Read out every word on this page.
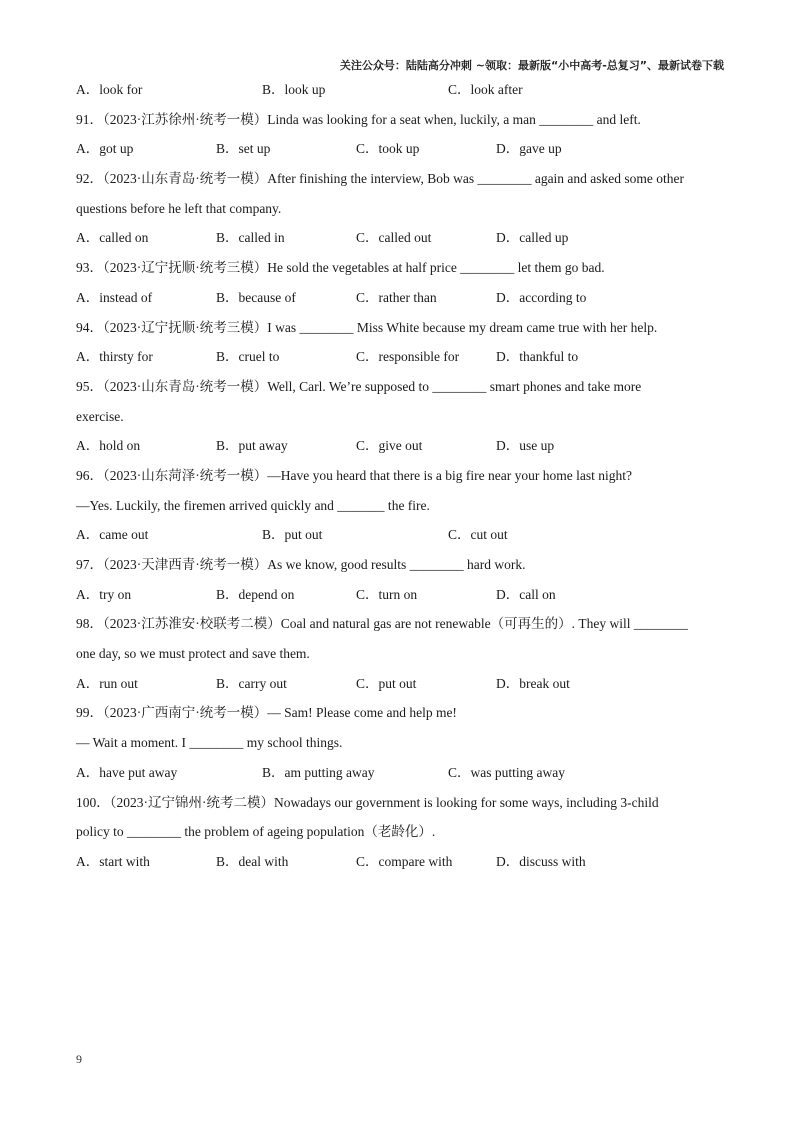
关注公众号：陆陆高分冲刺 ~领取：最新版“小中高考-总复习”、最新试卷下载
A．look for	B．look up	C．look after
91．（2023·江苏徐州·统考一模）Linda was looking for a seat when, luckily, a man ________ and left.
A．got up	B．set up	C．took up	D．gave up
92．（2023·山东青岛·统考一模）After finishing the interview, Bob was ________ again and asked some other
questions before he left that company.
A．called on	B．called in	C．called out	D．called up
93．（2023·辽宁抚顺·统考三模）He sold the vegetables at half price ________ let them go bad.
A．instead of	B．because of	C．rather than	D．according to
94．（2023·辽宁抚顺·统考三模）I was ________ Miss White because my dream came true with her help.
A．thirsty for	B．cruel to	C．responsible for	D．thankful to
95．（2023·山东青岛·统考一模）Well, Carl. We’re supposed to ________ smart phones and take more
exercise.
A．hold on	B．put away	C．give out	D．use up
96．（2023·山东菏泽·统考一模）—Have you heard that there is a big fire near your home last night?
—Yes. Luckily, the firemen arrived quickly and _______ the fire.
A．came out	B．put out	C．cut out
97．（2023·天津西青·统考一模）As we know, good results ________ hard work.
A．try on	B．depend on	C．turn on	D．call on
98．（2023·江苏淮安·校联考二模）Coal and natural gas are not renewable（可再生的）. They will ________
one day, so we must protect and save them.
A．run out	B．carry out	C．put out	D．break out
99．（2023·广西南宁·统考一模）— Sam! Please come and help me!
— Wait a moment. I ________ my school things.
A．have put away	B．am putting away	C．was putting away
100．（2023·辽宁锦州·统考二模）Nowadays our government is looking for some ways, including 3-child
policy to ________ the problem of ageing population（老龄化）.
A．start with	B．deal with	C．compare with	D．discuss with
9
